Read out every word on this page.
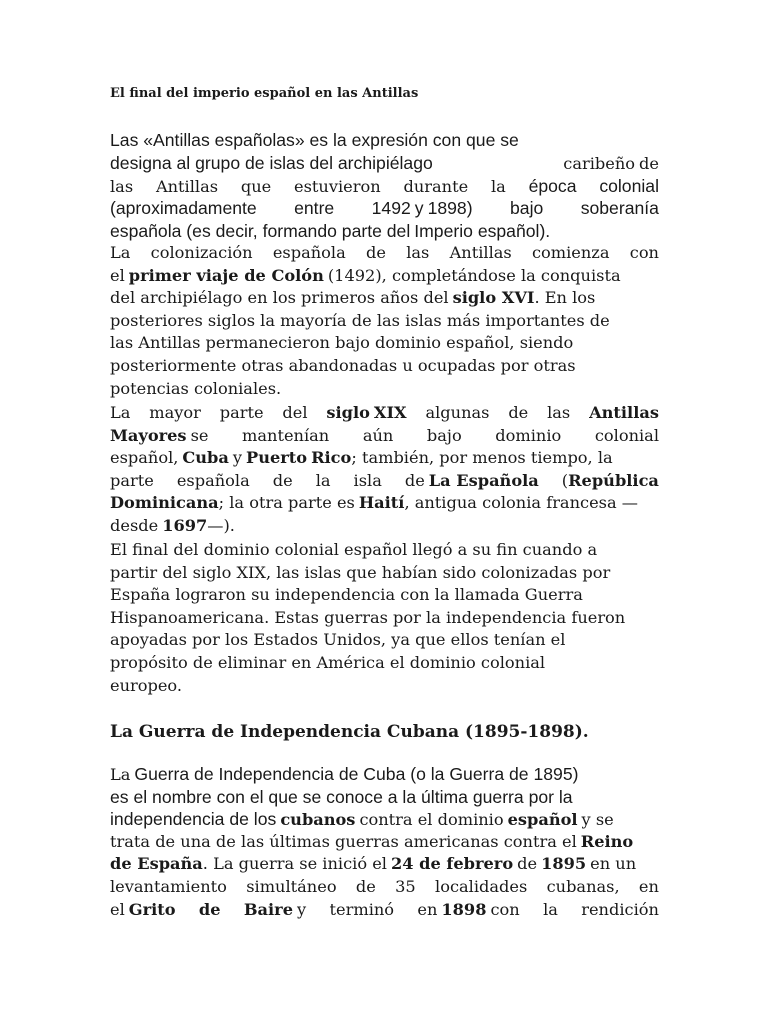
El final del imperio español en las Antillas

Las «Antillas españolas» es la expresión con que se
designa al grupo de islas del archipiélago	caribeño de
las Antillas que estuvieron durante la época colonial
(aproximadamente entre 1492 y 1898) bajo soberanía
española (es decir, formando parte del
Imperio español ).
La colonización española de las Antillas comienza con
el
primer viaje de Colón
(1492), completándose la conquista
del archipiélago en los primeros años del
siglo XVI . En los
posteriores siglos la mayoría de las islas más importantes de
las Antillas permanecieron bajo dominio español, siendo
posteriormente otras abandonadas u ocupadas por otras
potencias coloniales.
La mayor parte del siglo XIX algunas de las Antillas
Mayores se mantenían aún bajo dominio colonial
español,
Cuba
y
Puerto
Rico ; también, por menos tiempo, la
parte española de la isla de La Española (República
Dominicana ; la otra parte es
Haití , antigua colonia francesa —
desde
1697 —).
El final del dominio colonial español llegó a su fin cuando a
partir del siglo XIX, las islas que habían sido colonizadas por
España lograron su independencia con la llamada Guerra
Hispanoamericana. Estas guerras por la independencia fueron
apoyadas por los Estados Unidos, ya que ellos tenían el
propósito de eliminar en América el dominio colonial
europeo.

La Guerra de Independencia Cubana (1895-1898).

La
Guerra de Independencia de Cuba (o la Guerra de 1895)
es el nombre con el que se conoce a la última guerra por la
independencia de los
cubanos
contra el dominio
español
y se
trata de una de las últimas guerras americanas contra el
Reino
de España . La guerra se inició el
24 de febrero
de
1895
en un
levantamiento simultáneo de 35 localidades cubanas, en
el Grito de Baire y terminó en 1898 con la rendición
